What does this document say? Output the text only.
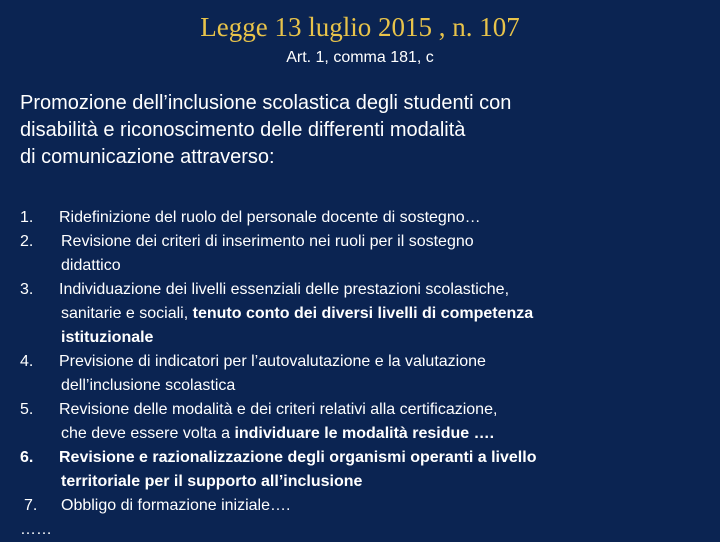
Legge 13 luglio 2015 , n. 107
Art. 1, comma 181, c
Promozione dell’inclusione scolastica degli studenti con
disabilità e riconoscimento delle differenti modalità
di comunicazione attraverso:
1. Ridefinizione del ruolo del personale docente di sostegno…
2. Revisione dei criteri di inserimento nei ruoli per il sostegno
didattico
3. Individuazione dei livelli essenziali delle prestazioni scolastiche,
sanitarie e sociali, tenuto conto dei diversi livelli di competenza
istituzionale
4. Previsione di indicatori per l’autovalutazione e la valutazione
dell’inclusione scolastica
5. Revisione delle modalità e dei criteri relativi alla certificazione,
che deve essere volta a individuare le modalità residue ….
6. Revisione e razionalizzazione degli organismi operanti a livello
territoriale per il supporto all’inclusione
7. Obbligo di formazione iniziale….
……
